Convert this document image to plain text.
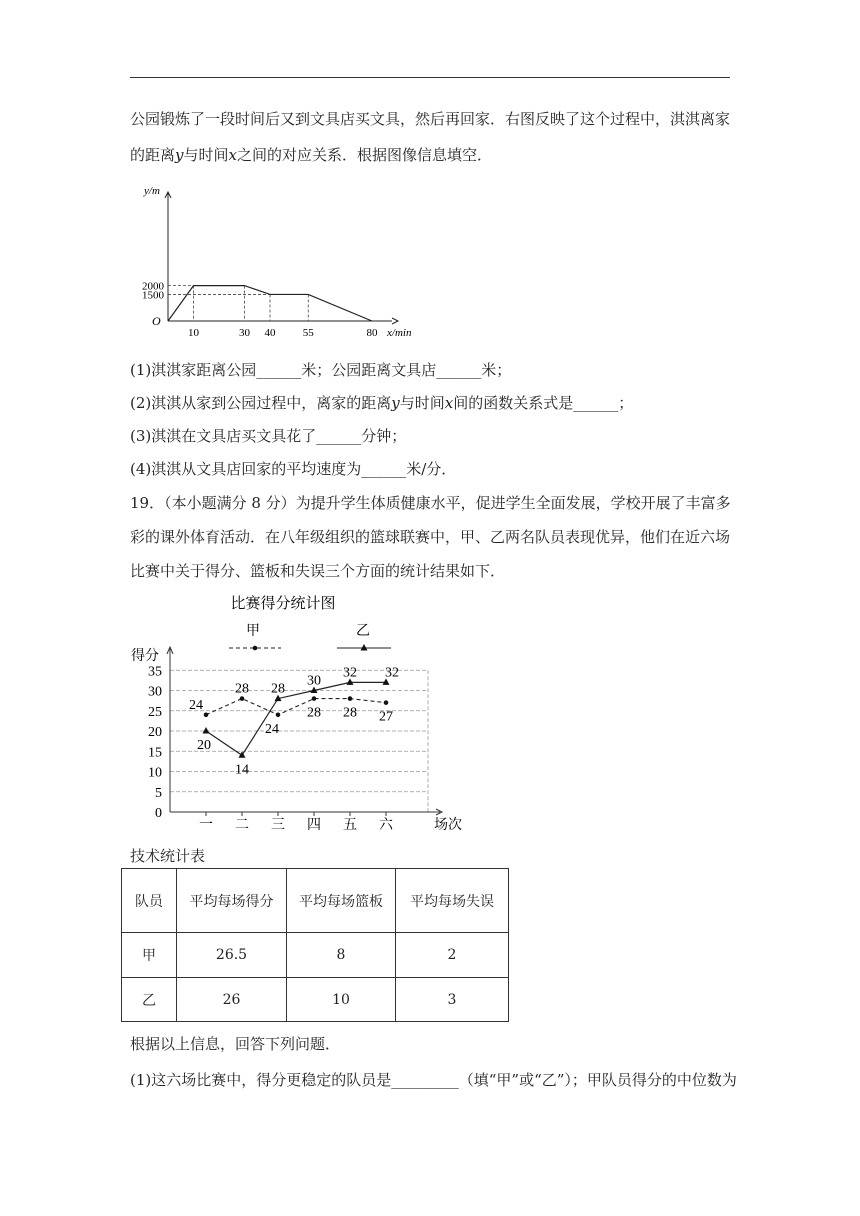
公园锻炼了一段时间后又到文具店买文具，然后再回家．右图反映了这个过程中，淇淇离家
的距离y与时间x之间的对应关系．根据图像信息填空．
10	30 40 55	80
1500
2000
O
x/min
y/m
(1)淇淇家距离公园______米；公园距离文具店______米；
(2)淇淇从家到公园过程中，离家的距离y与时间x间的函数关系式是______；
(3)淇淇在文具店买文具花了______分钟；
(4)淇淇从文具店回家的平均速度为______米/分．
19．（本小题满分 8 分）为提升学生体质健康水平，促进学生全面发展，学校开展了丰富多
彩的课外体育活动．在八年级组织的篮球联赛中，甲、乙两名队员表现优异，他们在近六场
比赛中关于得分、篮板和失误三个方面的统计结果如下．
比赛得分统计图
甲	乙
一 二 三 四 五 六	场次
0
5
10
15
20
25
30
35
得分
24
28
24
28 28 27
20
14
28
30
32 32
技术统计表
队员	平均每场得分	平均每场篮板	平均每场失误
甲	26.5	8	2
乙	26	10	3
根据以上信息，回答下列问题．
(1)这六场比赛中，得分更稳定的队员是_________（填“甲”或“乙”）；甲队员得分的中位数为
